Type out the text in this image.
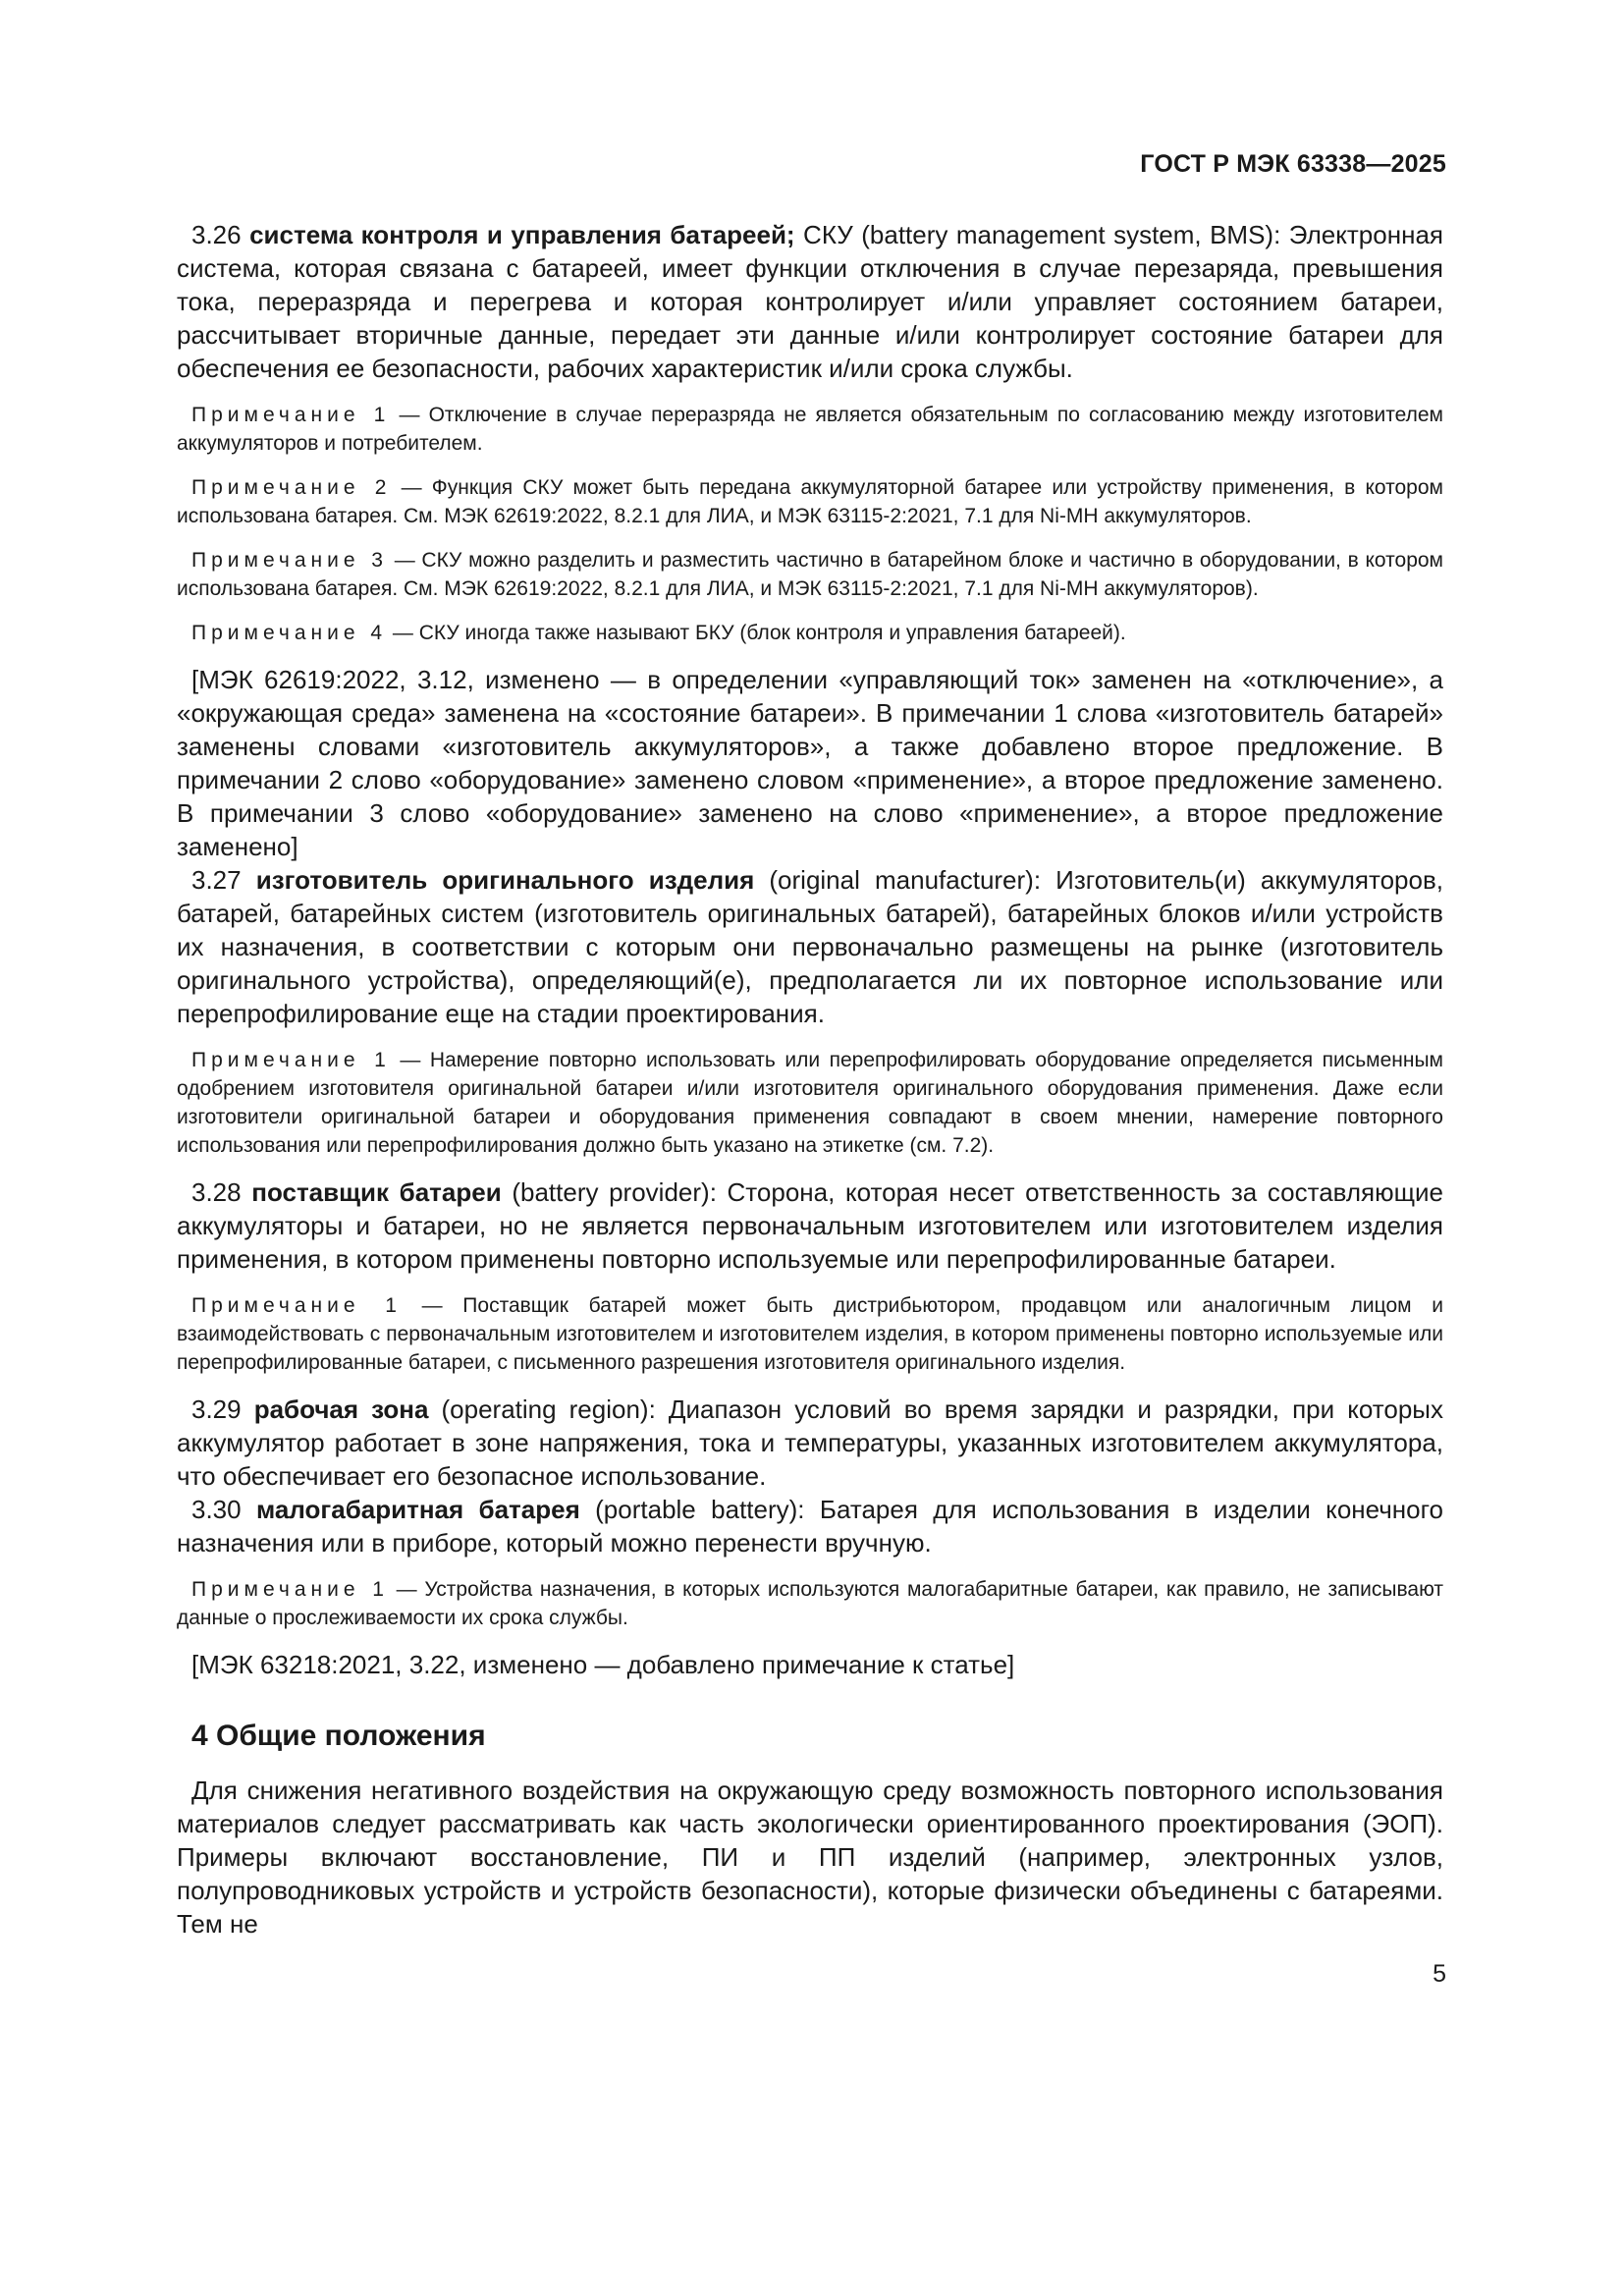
ГОСТ Р МЭК 63338—2025

3.26 система контроля и управления батареей; СКУ (battery management system, BMS): Электронная система, которая связана с батареей, имеет функции отключения в случае перезаряда, превышения тока, переразряда и перегрева и которая контролирует и/или управляет состоянием батареи, рассчитывает вторичные данные, передает эти данные и/или контролирует состояние батареи для обеспечения ее безопасности, рабочих характеристик и/или срока службы.

Примечание 1 — Отключение в случае переразряда не является обязательным по согласованию между изготовителем аккумуляторов и потребителем.

Примечание 2 — Функция СКУ может быть передана аккумуляторной батарее или устройству применения, в котором использована батарея. См. МЭК 62619:2022, 8.2.1 для ЛИА, и МЭК 63115-2:2021, 7.1 для Ni-MH аккумуляторов.

Примечание 3 — СКУ можно разделить и разместить частично в батарейном блоке и частично в оборудовании, в котором использована батарея. См. МЭК 62619:2022, 8.2.1 для ЛИА, и МЭК 63115-2:2021, 7.1 для Ni-MH аккумуляторов).

Примечание 4 — СКУ иногда также называют БКУ (блок контроля и управления батареей).

[МЭК 62619:2022, 3.12, изменено — в определении «управляющий ток» заменен на «отключение», а «окружающая среда» заменена на «состояние батареи». В примечании 1 слова «изготовитель батарей» заменены словами «изготовитель аккумуляторов», а также добавлено второе предложение. В примечании 2 слово «оборудование» заменено словом «применение», а второе предложение заменено. В примечании 3 слово «оборудование» заменено на слово «применение», а второе предложение заменено]

3.27 изготовитель оригинального изделия (original manufacturer): Изготовитель(и) аккумуляторов, батарей, батарейных систем (изготовитель оригинальных батарей), батарейных блоков и/или устройств их назначения, в соответствии с которым они первоначально размещены на рынке (изготовитель оригинального устройства), определяющий(е), предполагается ли их повторное использование или перепрофилирование еще на стадии проектирования.

Примечание 1 — Намерение повторно использовать или перепрофилировать оборудование определяется письменным одобрением изготовителя оригинальной батареи и/или изготовителя оригинального оборудования применения. Даже если изготовители оригинальной батареи и оборудования применения совпадают в своем мнении, намерение повторного использования или перепрофилирования должно быть указано на этикетке (см. 7.2).

3.28 поставщик батареи (battery provider): Сторона, которая несет ответственность за составляющие аккумуляторы и батареи, но не является первоначальным изготовителем или изготовителем изделия применения, в котором применены повторно используемые или перепрофилированные батареи.

Примечание 1 — Поставщик батарей может быть дистрибьютором, продавцом или аналогичным лицом и взаимодействовать с первоначальным изготовителем и изготовителем изделия, в котором применены повторно используемые или перепрофилированные батареи, с письменного разрешения изготовителя оригинального изделия.

3.29 рабочая зона (operating region): Диапазон условий во время зарядки и разрядки, при которых аккумулятор работает в зоне напряжения, тока и температуры, указанных изготовителем аккумулятора, что обеспечивает его безопасное использование.

3.30 малогабаритная батарея (portable battery): Батарея для использования в изделии конечного назначения или в приборе, который можно перенести вручную.

Примечание 1 — Устройства назначения, в которых используются малогабаритные батареи, как правило, не записывают данные о прослеживаемости их срока службы.

[МЭК 63218:2021, 3.22, изменено — добавлено примечание к статье]

4 Общие положения

Для снижения негативного воздействия на окружающую среду возможность повторного использования материалов следует рассматривать как часть экологически ориентированного проектирования (ЭОП). Примеры включают восстановление, ПИ и ПП изделий (например, электронных узлов, полупроводниковых устройств и устройств безопасности), которые физически объединены с батареями. Тем не

5
